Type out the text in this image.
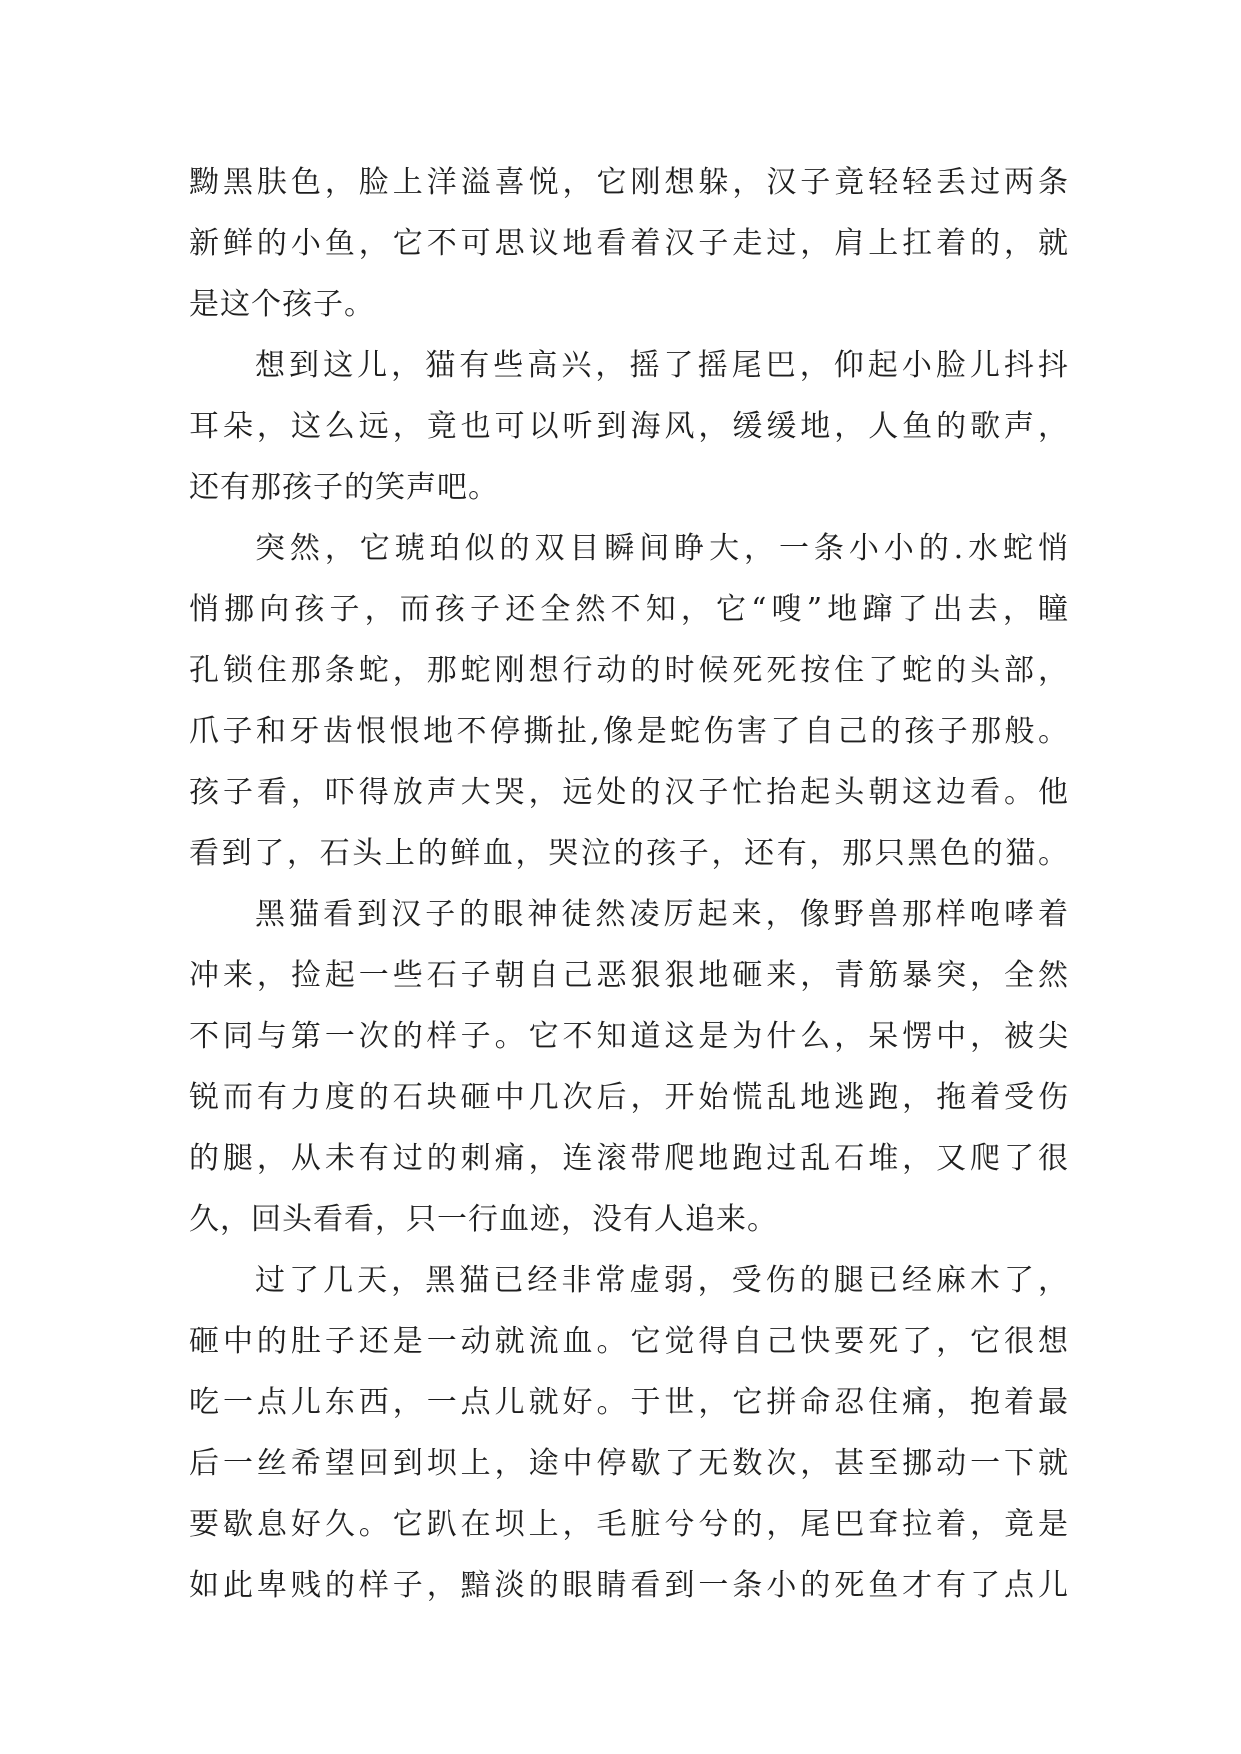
黝黑肤色，脸上洋溢喜悦，它刚想躲，汉子竟轻轻丢过两条
新鲜的小鱼，它不可思议地看着汉子走过，肩上扛着的，就
是这个孩子。
想到这儿，猫有些高兴，摇了摇尾巴，仰起小脸儿抖抖
耳朵，这么远，竟也可以听到海风，缓缓地，人鱼的歌声，
还有那孩子的笑声吧。
突然，它琥珀似的双目瞬间睁大，一条小小的.水蛇悄
悄挪向孩子，而孩子还全然不知，它“嗖”地蹿了出去，瞳
孔锁住那条蛇，那蛇刚想行动的时候死死按住了蛇的头部，
爪子和牙齿恨恨地不停撕扯,像是蛇伤害了自己的孩子那般。
孩子看，吓得放声大哭，远处的汉子忙抬起头朝这边看。他
看到了，石头上的鲜血，哭泣的孩子，还有，那只黑色的猫。
黑猫看到汉子的眼神徒然凌厉起来，像野兽那样咆哮着
冲来，捡起一些石子朝自己恶狠狠地砸来，青筋暴突，全然
不同与第一次的样子。它不知道这是为什么，呆愣中，被尖
锐而有力度的石块砸中几次后，开始慌乱地逃跑，拖着受伤
的腿，从未有过的刺痛，连滚带爬地跑过乱石堆，又爬了很
久，回头看看，只一行血迹，没有人追来。
过了几天，黑猫已经非常虚弱，受伤的腿已经麻木了，
砸中的肚子还是一动就流血。它觉得自己快要死了，它很想
吃一点儿东西，一点儿就好。于世，它拼命忍住痛，抱着最
后一丝希望回到坝上，途中停歇了无数次，甚至挪动一下就
要歇息好久。它趴在坝上，毛脏兮兮的，尾巴耷拉着，竟是
如此卑贱的样子，黯淡的眼睛看到一条小的死鱼才有了点儿
